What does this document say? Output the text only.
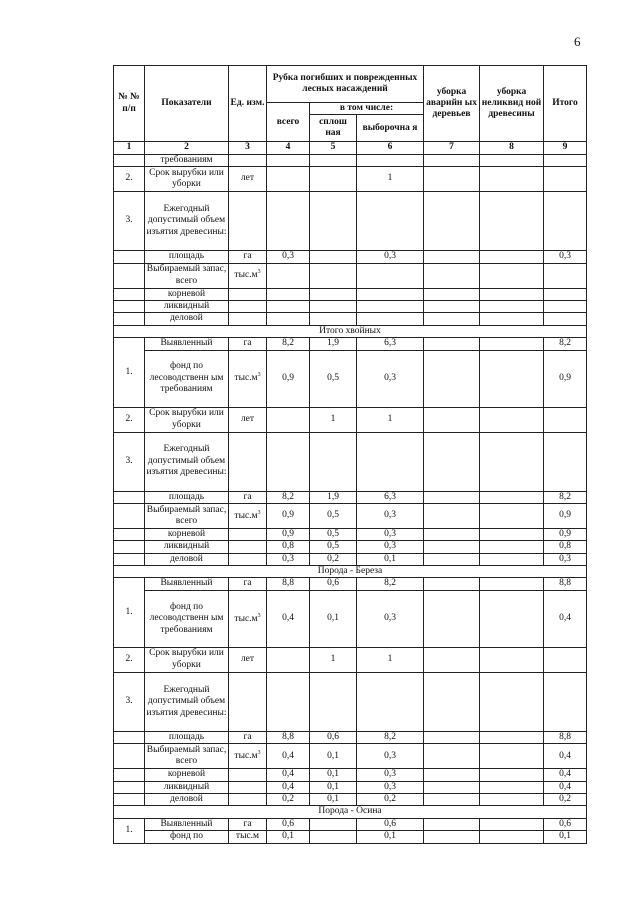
6
№ № п/п	Показатели	Ед. изм.	Рубка погибших и поврежденных лесных насаждений			уборка аварийн ых деревьев	уборка неликвид ной древесины	Итого
			всего	в том числе:				
				сплош ная	выборочна я			
1	2	3	4	5	6	7	8	9
	требованиям							
2.	Срок вырубки или уборки	лет			1			
3.	Ежегодный допустимый объем изъятия древесины:							
	площадь	га	0,3		0,3			0,3
	Выбираемый запас, всего	$тыс.м^3$						
	корневой							
	ликвидный							
	деловой							
Итого хвойных								
1.	Выявленный	га	8,2	1,9	6,3			8,2
	фонд по лесоводственн ым требованиям	$тыс.м^3$	0,9	0,5	0,3			0,9
2.	Срок вырубки или уборки	лет		1	1			
3.	Ежегодный допустимый объем изъятия древесины:							
	площадь	га	8,2	1,9	6,3			8,2
	Выбираемый запас, всего	$тыс.м^3$	0,9	0,5	0,3			0,9
	корневой		0,9	0,5	0,3			0,9
	ликвидный		0,8	0,5	0,3			0,8
	деловой		0,3	0,2	0,1			0,3
Порода - Береза								
1.	Выявленный	га	8,8	0,6	8,2			8,8
	фонд по лесоводственн ым требованиям	$тыс.м^3$	0,4	0,1	0,3			0,4
2.	Срок вырубки или уборки	лет		1	1			
3.	Ежегодный допустимый объем изъятия древесины:							
	площадь	га	8,8	0,6	8,2			8,8
	Выбираемый запас, всего	$тыс.м^3$	0,4	0,1	0,3			0,4
	корневой		0,4	0,1	0,3			0,4
	ликвидный		0,4	0,1	0,3			0,4
	деловой		0,2	0,1	0,2			0,2
Порода - Осина								
1.	Выявленный	га	0,6		0,6			0,6
	фонд по	тыс.м	0,1		0,1			0,1
